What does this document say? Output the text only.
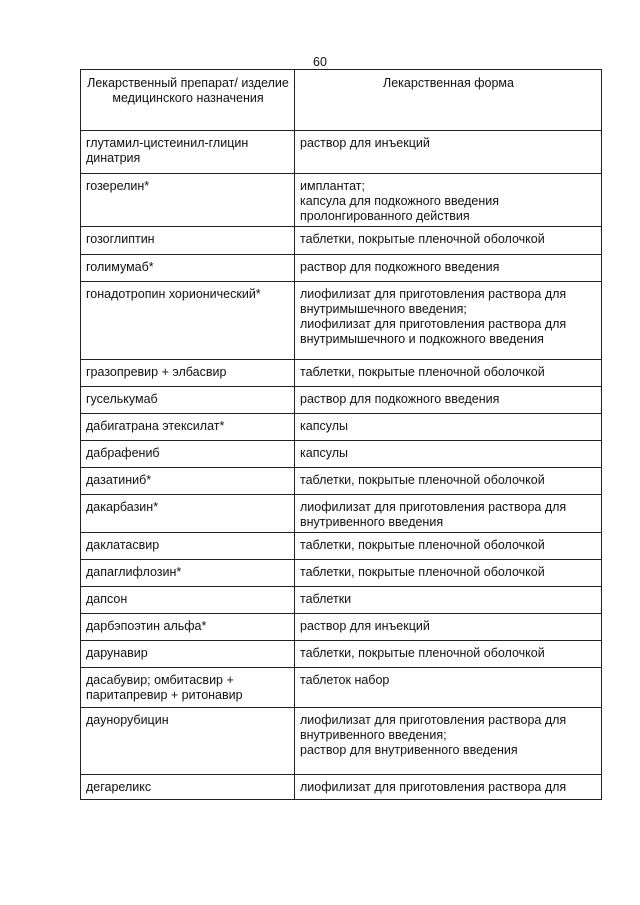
60
Лекарственный препарат/ изделие медицинского назначения	Лекарственная форма
глутамил-цистеинил-глицин динатрия	раствор для инъекций

гозерелин*	имплантат;
капсула для подкожного введения пролонгированного действия

гозоглиптин	таблетки, покрытые пленочной оболочкой

голимумаб*	раствор для подкожного введения

гонадотропин хорионический*	лиофилизат для приготовления раствора для внутримышечного введения;
лиофилизат для приготовления раствора для внутримышечного и подкожного введения

гразопревир + элбасвир	таблетки, покрытые пленочной оболочкой

гуселькумаб	раствор для подкожного введения

дабигатрана этексилат*	капсулы

дабрафениб	капсулы

дазатиниб*	таблетки, покрытые пленочной оболочкой

дакарбазин*	лиофилизат для приготовления раствора для внутривенного введения

даклатасвир	таблетки, покрытые пленочной оболочкой

дапаглифлозин*	таблетки, покрытые пленочной оболочкой

дапсон	таблетки

дарбэпоэтин альфа*	раствор для инъекций

дарунавир	таблетки, покрытые пленочной оболочкой

дасабувир; омбитасвир + паритапревир + ритонавир	таблеток набор

даунорубицин	лиофилизат для приготовления раствора для внутривенного введения;
раствор для внутривенного введения

дегареликс	лиофилизат для приготовления раствора для
